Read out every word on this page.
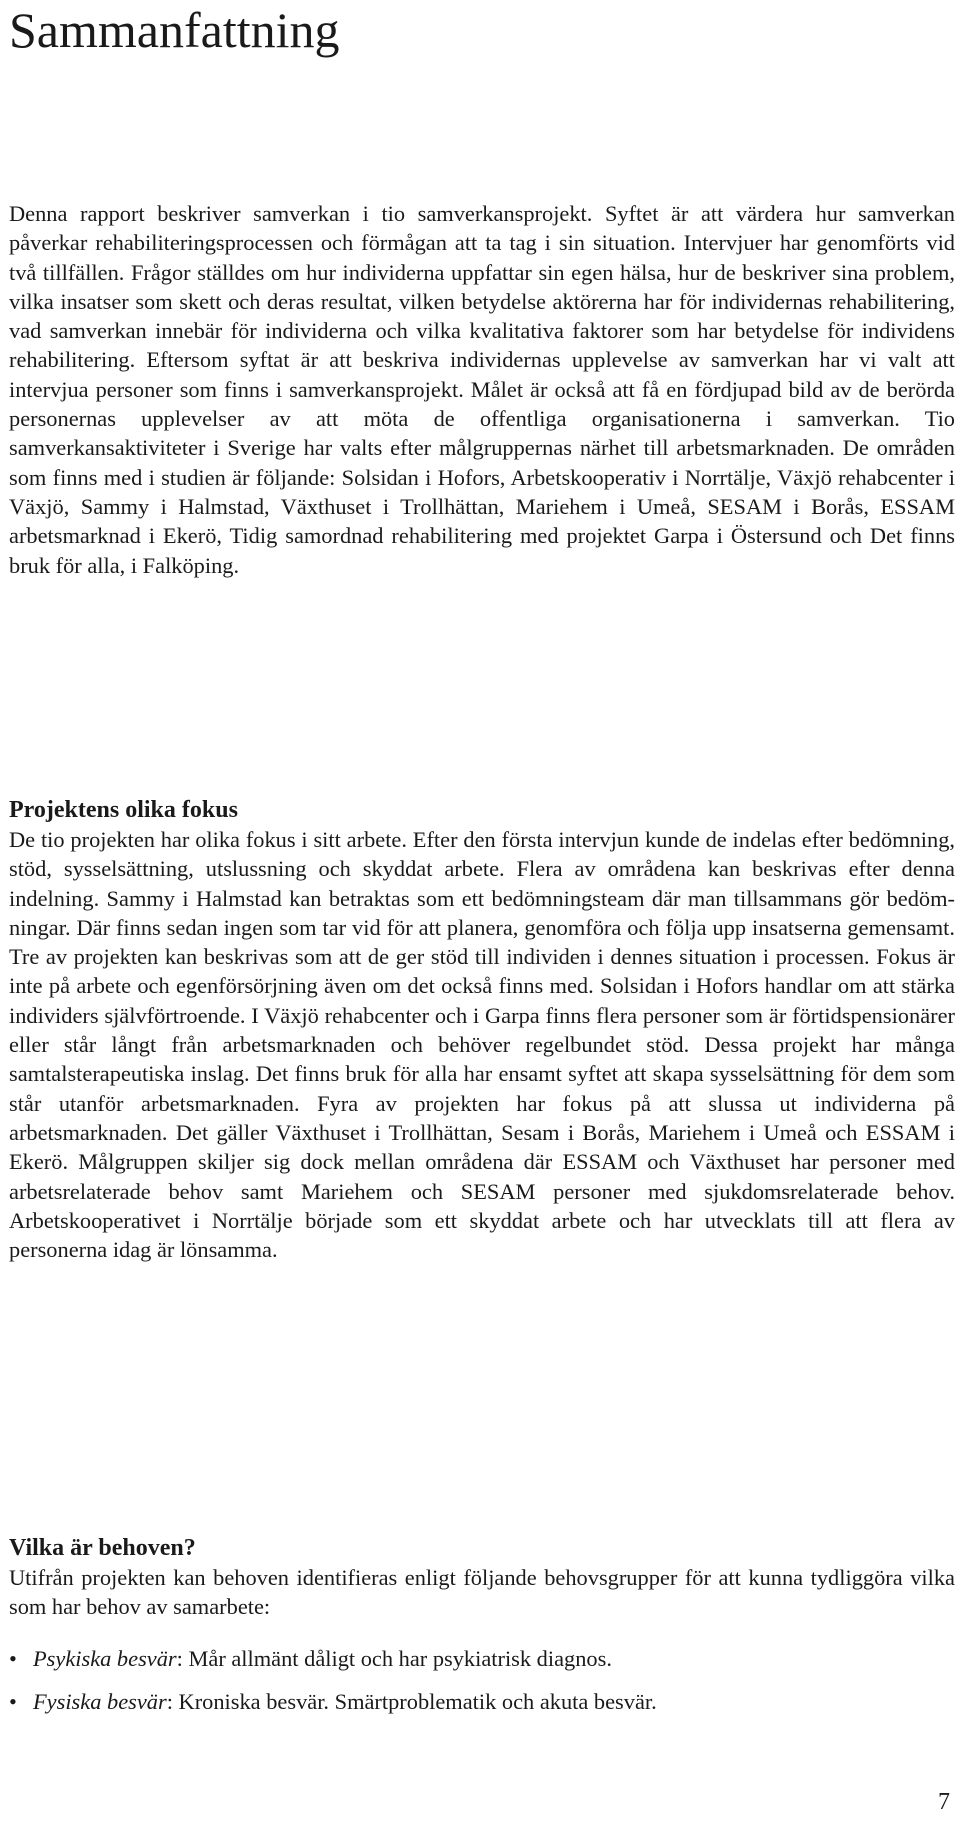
Sammanfattning

Denna rapport beskriver samverkan i tio samverkansprojekt. Syftet är att värdera hur samverkan påverkar rehabiliteringsprocessen och förmågan att ta tag i sin situation. Intervjuer har genomförts vid två tillfällen. Frågor ställdes om hur individerna uppfattar sin egen hälsa, hur de beskriver sina problem, vilka insatser som skett och deras resultat, vilken betydelse aktörerna har för individernas rehabilitering, vad samverkan innebär för individerna och vilka kvalitativa faktorer som har betydelse för individens rehabilitering. Eftersom syftat är att beskriva individernas upplevelse av samverkan har vi valt att intervjua personer som finns i samverkansprojekt. Målet är också att få en fördjupad bild av de berörda personernas upplevelser av att möta de offentliga organisationerna i samverkan. Tio samverkansaktiviteter i Sverige har valts efter målgruppernas närhet till arbetsmarknaden. De områden som finns med i studien är följande: Solsidan i Hofors, Arbetskooperativ i Norrtälje, Växjö rehabcenter i Växjö, Sammy i Halmstad, Växthuset i Trollhättan, Mariehem i Umeå, SESAM i Borås, ESSAM arbetsmarknad i Ekerö, Tidig samordnad rehabilitering med projektet Garpa i Östersund och Det finns bruk för alla, i Falköping.

Projektens olika fokus

De tio projekten har olika fokus i sitt arbete. Efter den första intervjun kunde de indelas efter bedömning, stöd, sysselsättning, utslussning och skyddat arbete. Flera av områdena kan beskrivas efter denna indelning. Sammy i Halmstad kan betraktas som ett bedömningsteam där man tillsammans gör bedömningar. Där finns sedan ingen som tar vid för att planera, genomföra och följa upp insatserna gemensamt. Tre av projekten kan beskrivas som att de ger stöd till individen i dennes situation i processen. Fokus är inte på arbete och egenförsörjning även om det också finns med. Solsidan i Hofors handlar om att stärka individers självförtroende. I Växjö rehabcenter och i Garpa finns flera personer som är förtidspensionärer eller står långt från arbetsmarknaden och behöver regelbundet stöd. Dessa projekt har många samtalsterapeutiska inslag. Det finns bruk för alla har ensamt syftet att skapa sysselsättning för dem som står utanför arbetsmarknaden. Fyra av projekten har fokus på att slussa ut individerna på arbetsmarknaden. Det gäller Växthuset i Trollhättan, Sesam i Borås, Mariehem i Umeå och ESSAM i Ekerö. Målgruppen skiljer sig dock mellan områdena där ESSAM och Växthuset har personer med arbetsrelaterade behov samt Mariehem och SESAM personer med sjukdomsrelaterade behov. Arbetskooperativet i Norrtälje började som ett skyddat arbete och har utvecklats till att flera av personerna idag är lönsamma.

Vilka är behoven?

Utifrån projekten kan behoven identifieras enligt följande behovsgrupper för att kunna tydliggöra vilka som har behov av samarbete:

• Psykiska besvär: Mår allmänt dåligt och har psykiatrisk diagnos.
• Fysiska besvär: Kroniska besvär. Smärtproblematik och akuta besvär.
7
